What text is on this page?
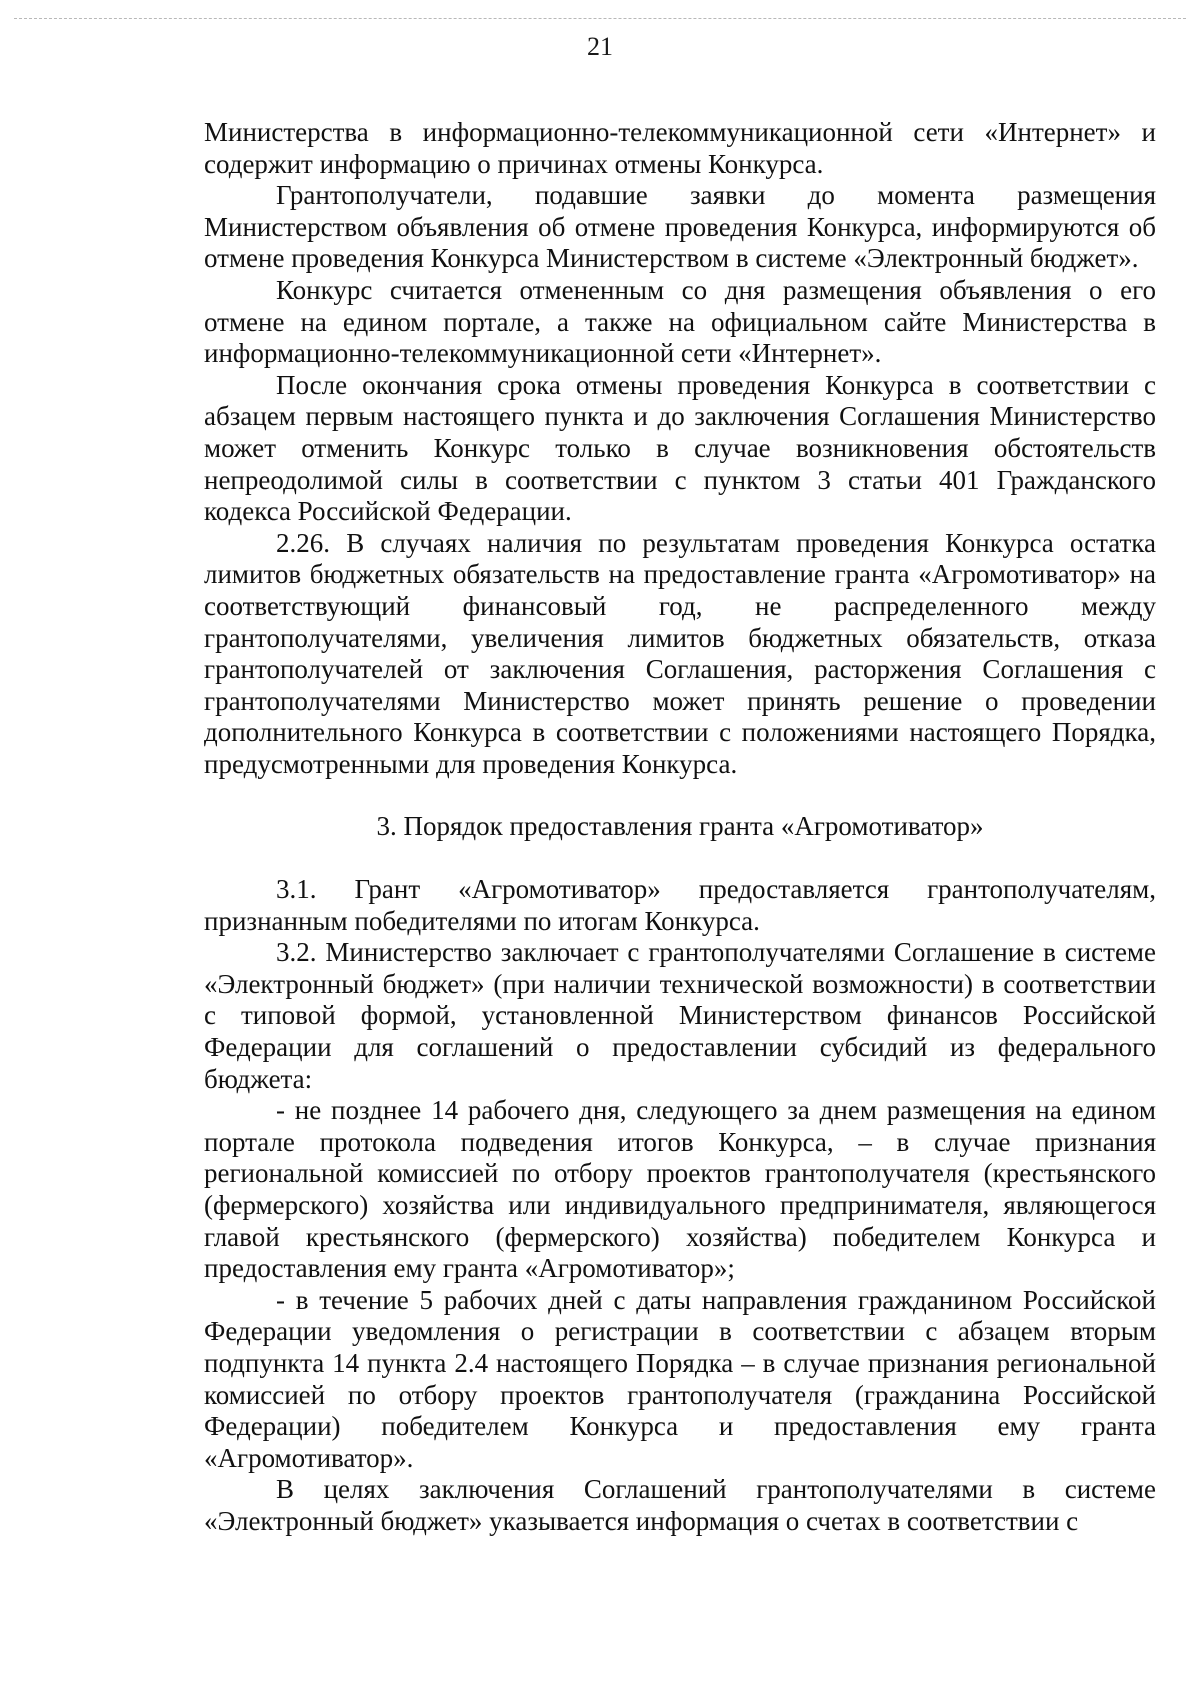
21

Министерства в информационно-телекоммуникационной сети «Интернет» и содержит информацию о причинах отмены Конкурса.

Грантополучатели, подавшие заявки до момента размещения Министерством объявления об отмене проведения Конкурса, информируются об отмене проведения Конкурса Министерством в системе «Электронный бюджет».

Конкурс считается отмененным со дня размещения объявления о его отмене на едином портале, а также на официальном сайте Министерства в информационно-телекоммуникационной сети «Интернет».

После окончания срока отмены проведения Конкурса в соответствии с абзацем первым настоящего пункта и до заключения Соглашения Министерство может отменить Конкурс только в случае возникновения обстоятельств непреодолимой силы в соответствии с пунктом 3 статьи 401 Гражданского кодекса Российской Федерации.

2.26. В случаях наличия по результатам проведения Конкурса остатка лимитов бюджетных обязательств на предоставление гранта «Агромотиватор» на соответствующий финансовый год, не распределенного между грантополучателями, увеличения лимитов бюджетных обязательств, отказа грантополучателей от заключения Соглашения, расторжения Соглашения с грантополучателями Министерство может принять решение о проведении дополнительного Конкурса в соответствии с положениями настоящего Порядка, предусмотренными для проведения Конкурса.

3. Порядок предоставления гранта «Агромотиватор»

3.1. Грант «Агромотиватор» предоставляется грантополучателям, признанным победителями по итогам Конкурса.

3.2. Министерство заключает с грантополучателями Соглашение в системе «Электронный бюджет» (при наличии технической возможности) в соответствии с типовой формой, установленной Министерством финансов Российской Федерации для соглашений о предоставлении субсидий из федерального бюджета:

- не позднее 14 рабочего дня, следующего за днем размещения на едином портале протокола подведения итогов Конкурса, – в случае признания региональной комиссией по отбору проектов грантополучателя (крестьянского (фермерского) хозяйства или индивидуального предпринимателя, являющегося главой крестьянского (фермерского) хозяйства) победителем Конкурса и предоставления ему гранта «Агромотиватор»;

- в течение 5 рабочих дней с даты направления гражданином Российской Федерации уведомления о регистрации в соответствии с абзацем вторым подпункта 14 пункта 2.4 настоящего Порядка – в случае признания региональной комиссией по отбору проектов грантополучателя (гражданина Российской Федерации) победителем Конкурса и предоставления ему гранта «Агромотиватор».

В целях заключения Соглашений грантополучателями в системе «Электронный бюджет» указывается информация о счетах в соответствии с
